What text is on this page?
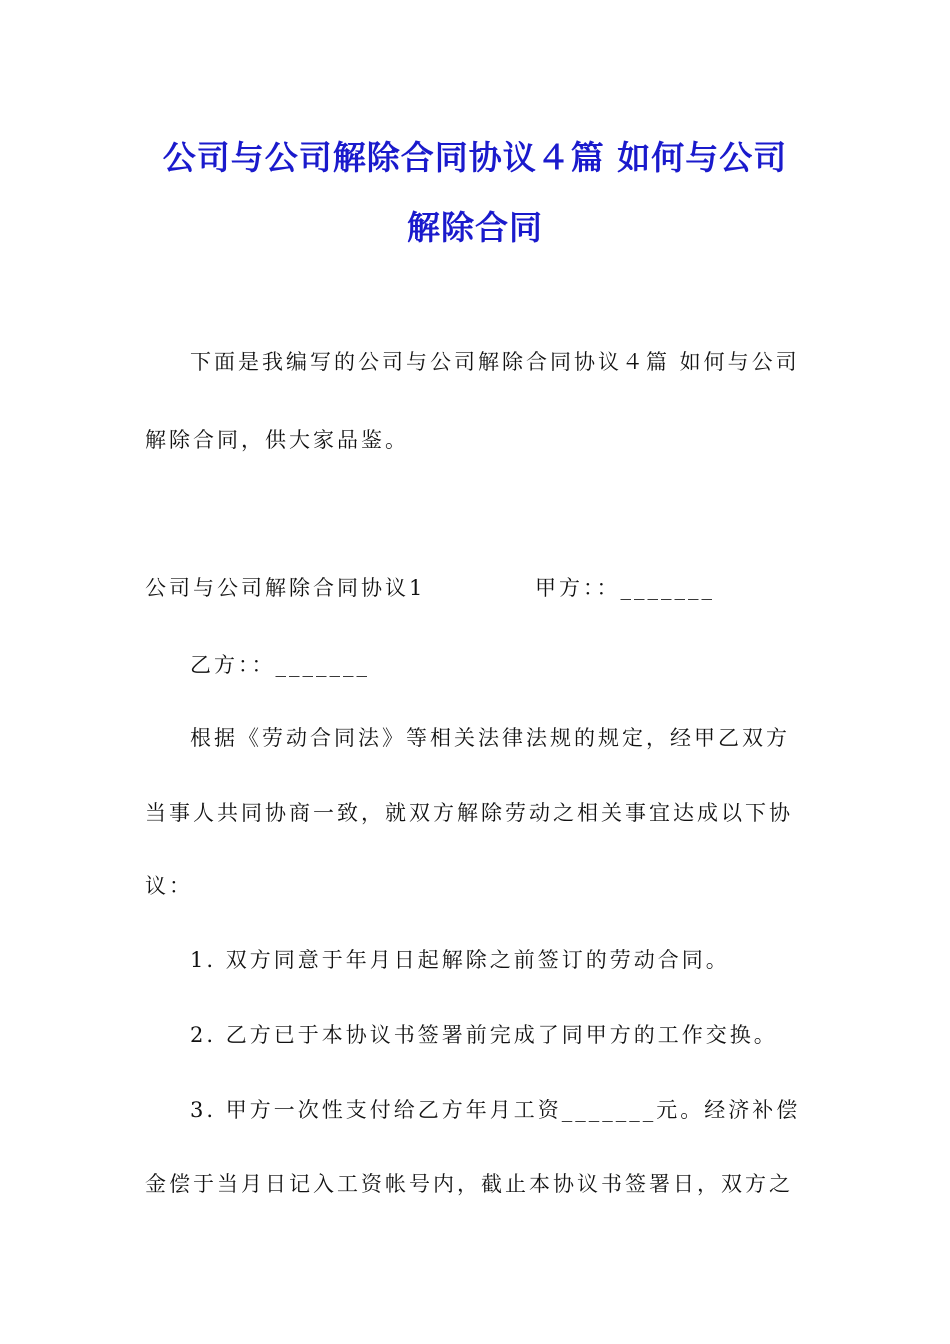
公司与公司解除合同协议４篇 如何与公司
解除合同
下面是我编写的公司与公司解除合同协议４篇 如何与公司
解除合同，供大家品鉴。
公司与公司解除合同协议1	甲方：：_______
乙方：：_______
根据《劳动合同法》等相关法律法规的规定，经甲乙双方
当事人共同协商一致，就双方解除劳动之相关事宜达成以下协
议：
1. 双方同意于年月日起解除之前签订的劳动合同。
2. 乙方已于本协议书签署前完成了同甲方的工作交换。
3. 甲方一次性支付给乙方年月工资_______元。经济补偿
金偿于当月日记入工资帐号内，截止本协议书签署日，双方之
